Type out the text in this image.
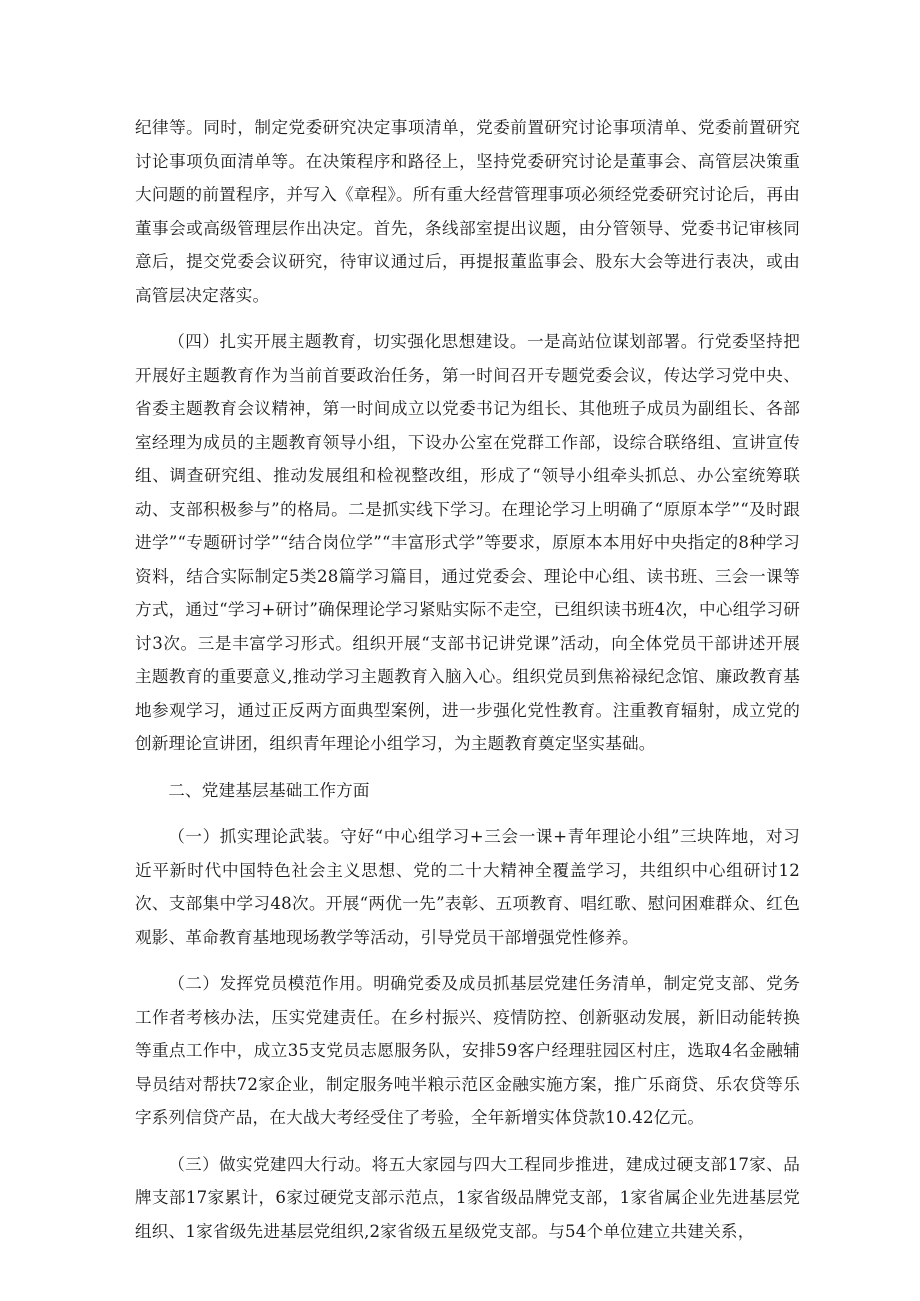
纪律等。同时，制定党委研究决定事项清单，党委前置研究讨论事项清单、党委前置研究讨论事项负面清单等。在决策程序和路径上，坚持党委研究讨论是董事会、高管层决策重大问题的前置程序，并写入《章程》。所有重大经营管理事项必须经党委研究讨论后，再由董事会或高级管理层作出决定。首先，条线部室提出议题，由分管领导、党委书记审核同意后，提交党委会议研究，待审议通过后，再提报董监事会、股东大会等进行表决，或由高管层决定落实。

（四）扎实开展主题教育，切实强化思想建设。一是高站位谋划部署。行党委坚持把开展好主题教育作为当前首要政治任务，第一时间召开专题党委会议，传达学习党中央、省委主题教育会议精神，第一时间成立以党委书记为组长、其他班子成员为副组长、各部室经理为成员的主题教育领导小组，下设办公室在党群工作部，设综合联络组、宣讲宣传组、调查研究组、推动发展组和检视整改组，形成了“领导小组牵头抓总、办公室统筹联动、支部积极参与”的格局。二是抓实线下学习。在理论学习上明确了“原原本学”“及时跟进学”“专题研讨学”“结合岗位学”“丰富形式学”等要求，原原本本用好中央指定的8种学习资料，结合实际制定5类28篇学习篇目，通过党委会、理论中心组、读书班、三会一课等方式，通过“学习+研讨”确保理论学习紧贴实际不走空，已组织读书班4次，中心组学习研讨3次。三是丰富学习形式。组织开展“支部书记讲党课”活动，向全体党员干部讲述开展主题教育的重要意义,推动学习主题教育入脑入心。组织党员到焦裕禄纪念馆、廉政教育基地参观学习，通过正反两方面典型案例，进一步强化党性教育。注重教育辐射，成立党的创新理论宣讲团，组织青年理论小组学习，为主题教育奠定坚实基础。

二、党建基层基础工作方面

（一）抓实理论武装。守好“中心组学习+三会一课+青年理论小组”三块阵地，对习近平新时代中国特色社会主义思想、党的二十大精神全覆盖学习，共组织中心组研讨12次、支部集中学习48次。开展“两优一先”表彰、五项教育、唱红歌、慰问困难群众、红色观影、革命教育基地现场教学等活动，引导党员干部增强党性修养。

（二）发挥党员模范作用。明确党委及成员抓基层党建任务清单，制定党支部、党务工作者考核办法，压实党建责任。在乡村振兴、疫情防控、创新驱动发展，新旧动能转换等重点工作中，成立35支党员志愿服务队，安排59客户经理驻园区村庄，选取4名金融辅导员结对帮扶72家企业，制定服务吨半粮示范区金融实施方案，推广乐商贷、乐农贷等乐字系列信贷产品，在大战大考经受住了考验，全年新增实体贷款10.42亿元。

（三）做实党建四大行动。将五大家园与四大工程同步推进，建成过硬支部17家、品牌支部17家累计，6家过硬党支部示范点，1家省级品牌党支部，1家省属企业先进基层党组织、1家省级先进基层党组织,2家省级五星级党支部。与54个单位建立共建关系，
